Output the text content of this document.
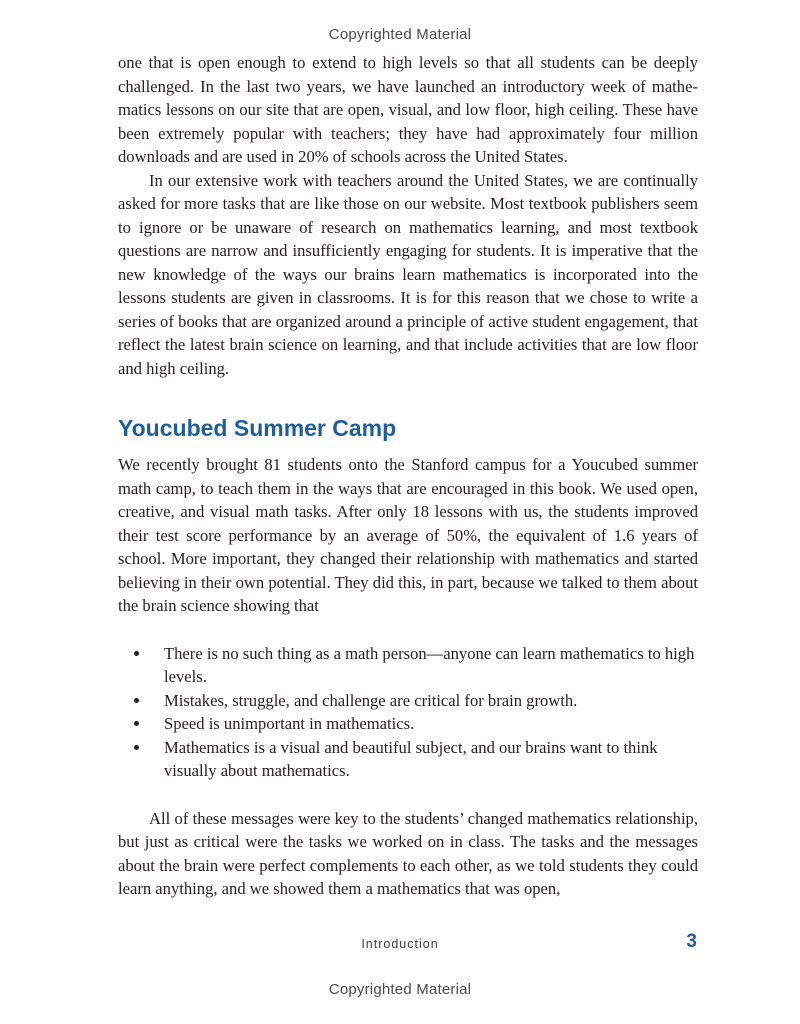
Copyrighted Material

one that is open enough to extend to high levels so that all students can be deeply challenged. In the last two years, we have launched an introductory week of mathematics lessons on our site that are open, visual, and low floor, high ceiling. These have been extremely popular with teachers; they have had approximately four million downloads and are used in 20% of schools across the United States.

In our extensive work with teachers around the United States, we are continually asked for more tasks that are like those on our website. Most textbook publishers seem to ignore or be unaware of research on mathematics learning, and most textbook questions are narrow and insufficiently engaging for students. It is imperative that the new knowledge of the ways our brains learn mathematics is incorporated into the lessons students are given in classrooms. It is for this reason that we chose to write a series of books that are organized around a principle of active student engagement, that reflect the latest brain science on learning, and that include activities that are low floor and high ceiling.

Youcubed Summer Camp

We recently brought 81 students onto the Stanford campus for a Youcubed summer math camp, to teach them in the ways that are encouraged in this book. We used open, creative, and visual math tasks. After only 18 lessons with us, the students improved their test score performance by an average of 50%, the equivalent of 1.6 years of school. More important, they changed their relationship with mathematics and started believing in their own potential. They did this, in part, because we talked to them about the brain science showing that

There is no such thing as a math person—anyone can learn mathematics to high levels.
Mistakes, struggle, and challenge are critical for brain growth.
Speed is unimportant in mathematics.
Mathematics is a visual and beautiful subject, and our brains want to think visually about mathematics.

All of these messages were key to the students’ changed mathematics relationship, but just as critical were the tasks we worked on in class. The tasks and the messages about the brain were perfect complements to each other, as we told students they could learn anything, and we showed them a mathematics that was open,

Introduction	3
Copyrighted Material
